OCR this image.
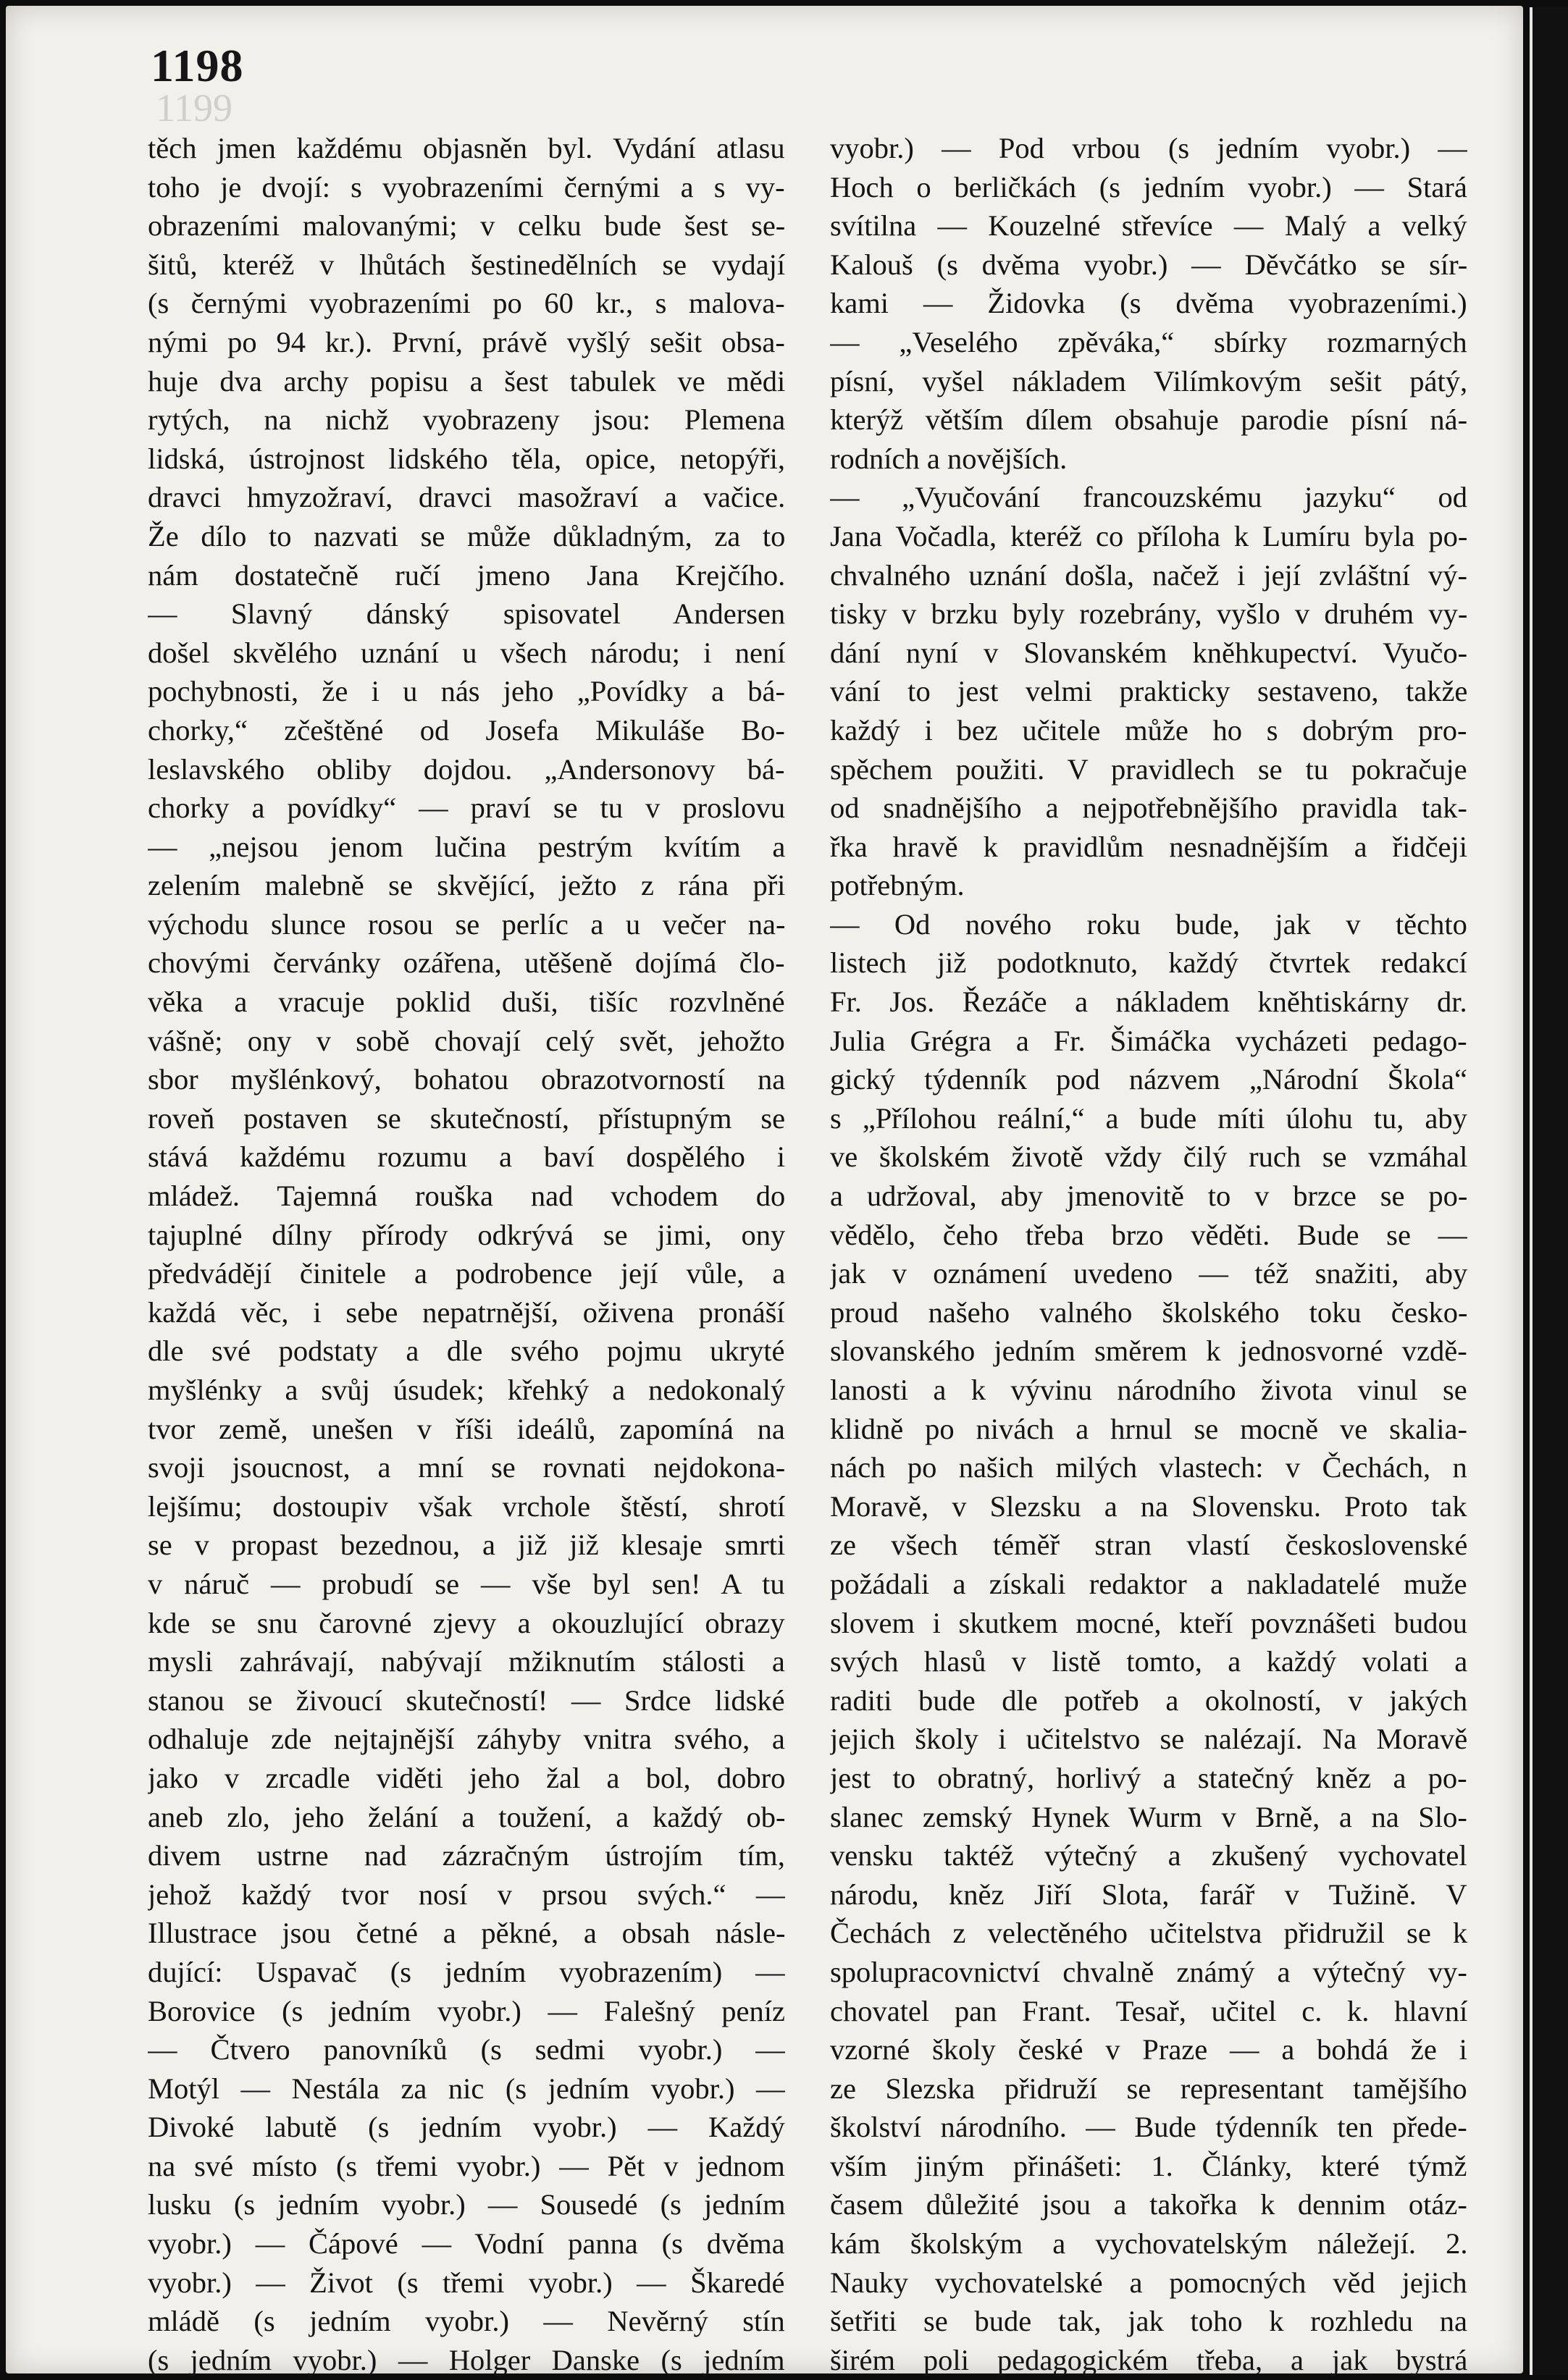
1198
1199
těch jmen každému objasněn byl. Vydání atlasu
toho je dvojí: s vyobrazeními černými a s vy-
obrazeními malovanými; v celku bude šest se-
šitů, kteréž v lhůtách šestinedělních se vydají
(s černými vyobrazeními po 60 kr., s malova-
nými po 94 kr.). První, právě vyšlý sešit obsa-
huje dva archy popisu a šest tabulek ve mědi
rytých, na nichž vyobrazeny jsou: Plemena
lidská, ústrojnost lidského těla, opice, netopýři,
dravci hmyzožraví, dravci masožraví a vačice.
Že dílo to nazvati se může důkladným, za to
nám dostatečně ručí jmeno Jana Krejčího.
— Slavný dánský spisovatel Andersen
došel skvělého uznání u všech národu; i není
pochybnosti, že i u nás jeho „Povídky a bá-
chorky,“ zčeštěné od Josefa Mikuláše Bo-
leslavského obliby dojdou. „Andersonovy bá-
chorky a povídky“ — praví se tu v proslovu
— „nejsou jenom lučina pestrým kvítím a
zelením malebně se skvějící, ježto z rána při
východu slunce rosou se perlíc a u večer na-
chovými červánky ozářena, utěšeně dojímá člo-
věka a vracuje poklid duši, tišíc rozvlněné
vášně; ony v sobě chovají celý svět, jehožto
sbor myšlénkový, bohatou obrazotvorností na
roveň postaven se skutečností, přístupným se
stává každému rozumu a baví dospělého i
mládež. Tajemná rouška nad vchodem do
tajuplné dílny přírody odkrývá se jimi, ony
předvádějí činitele a podrobence její vůle, a
každá věc, i sebe nepatrnější, oživena pronáší
dle své podstaty a dle svého pojmu ukryté
myšlénky a svůj úsudek; křehký a nedokonalý
tvor země, unešen v říši ideálů, zapomíná na
svoji jsoucnost, a mní se rovnati nejdokona-
lejšímu; dostoupiv však vrchole štěstí, shrotí
se v propast bezednou, a již již klesaje smrti
v náruč — probudí se — vše byl sen! A tu
kde se snu čarovné zjevy a okouzlující obrazy
mysli zahrávají, nabývají mžiknutím stálosti a
stanou se živoucí skutečností! — Srdce lidské
odhaluje zde nejtajnější záhyby vnitra svého, a
jako v zrcadle viděti jeho žal a bol, dobro
aneb zlo, jeho želání a toužení, a každý ob-
divem ustrne nad zázračným ústrojím tím,
jehož každý tvor nosí v prsou svých.“ —
Illustrace jsou četné a pěkné, a obsah násle-
dující: Uspavač (s jedním vyobrazením) —
Borovice (s jedním vyobr.) — Falešný peníz
— Čtvero panovníků (s sedmi vyobr.) —
Motýl — Nestála za nic (s jedním vyobr.) —
Divoké labutě (s jedním vyobr.) — Každý
na své místo (s třemi vyobr.) — Pět v jednom
lusku (s jedním vyobr.) — Sousedé (s jedním
vyobr.) — Čápové — Vodní panna (s dvěma
vyobr.) — Život (s třemi vyobr.) — Škaredé
mládě (s jedním vyobr.) — Nevěrný stín
(s jedním vyobr.) — Holger Danske (s jedním
vyobr.) — Pod vrbou (s jedním vyobr.) —
Hoch o berličkách (s jedním vyobr.) — Stará
svítilna — Kouzelné střevíce — Malý a velký
Kalouš (s dvěma vyobr.) — Děvčátko se sír-
kami — Židovka (s dvěma vyobrazeními.)
— „Veselého zpěváka,“ sbírky rozmarných
písní, vyšel nákladem Vilímkovým sešit pátý,
kterýž větším dílem obsahuje parodie písní ná-
rodních a novějších.
— „Vyučování francouzskému jazyku“ od
Jana Vočadla, kteréž co příloha k Lumíru byla po-
chvalného uznání došla, načež i její zvláštní vý-
tisky v brzku byly rozebrány, vyšlo v druhém vy-
dání nyní v Slovanském kněhkupectví. Vyučo-
vání to jest velmi prakticky sestaveno, takže
každý i bez učitele může ho s dobrým pro-
spěchem použiti. V pravidlech se tu pokračuje
od snadnějšího a nejpotřebnějšího pravidla tak-
řka hravě k pravidlům nesnadnějším a řidčeji
potřebným.
— Od nového roku bude, jak v těchto
listech již podotknuto, každý čtvrtek redakcí
Fr. Jos. Řezáče a nákladem kněhtiskárny dr.
Julia Grégra a Fr. Šimáčka vycházeti pedago-
gický týdenník pod názvem „Národní Škola“
s „Přílohou reální,“ a bude míti úlohu tu, aby
ve školském životě vždy čilý ruch se vzmáhal
a udržoval, aby jmenovitě to v brzce se po-
vědělo, čeho třeba brzo věděti. Bude se —
jak v oznámení uvedeno — též snažiti, aby
proud našeho valného školského toku česko-
slovanského jedním směrem k jednosvorné vzdě-
lanosti a k vývinu národního života vinul se
klidně po nivách a hrnul se mocně ve skalia-
nách po našich milých vlastech: v Čechách, n
Moravě, v Slezsku a na Slovensku. Proto tak
ze všech téměř stran vlastí československé
požádali a získali redaktor a nakladatelé muže
slovem i skutkem mocné, kteří povznášeti budou
svých hlasů v listě tomto, a každý volati a
raditi bude dle potřeb a okolností, v jakých
jejich školy i učitelstvo se nalézají. Na Moravě
jest to obratný, horlivý a statečný kněz a po-
slanec zemský Hynek Wurm v Brně, a na Slo-
vensku taktéž výtečný a zkušený vychovatel
národu, kněz Jiří Slota, farář v Tužině. V
Čechách z velectěného učitelstva přidružil se k
spolupracovnictví chvalně známý a výtečný vy-
chovatel pan Frant. Tesař, učitel c. k. hlavní
vzorné školy české v Praze — a bohdá že i
ze Slezska přidruží se representant tamějšího
školství národního. — Bude týdenník ten přede-
vším jiným přinášeti: 1. Články, které týmž
časem důležité jsou a takořka k dennim otáz-
kám školským a vychovatelským náležejí. 2.
Nauky vychovatelské a pomocných věd jejich
šetřiti se bude tak, jak toho k rozhledu na
širém poli pedagogickém třeba, a jak bystrá
